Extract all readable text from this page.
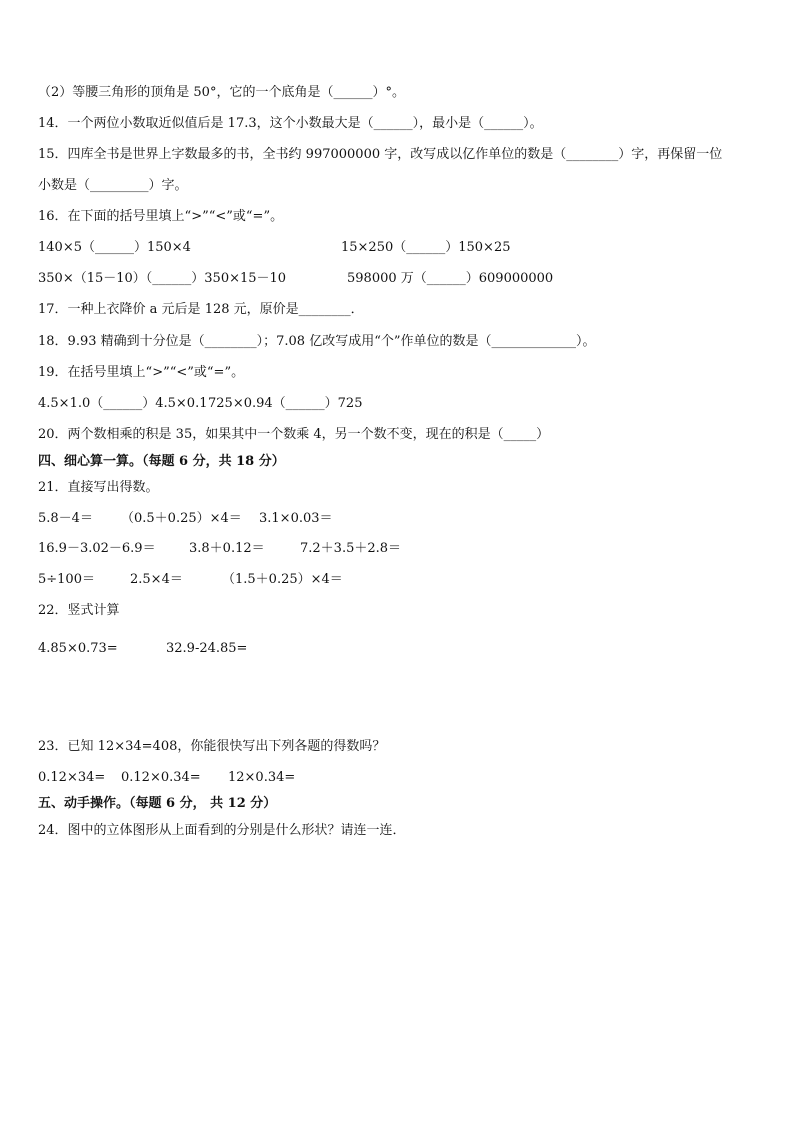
（2）等腰三角形的顶角是 50°，它的一个底角是（______）°。
14．一个两位小数取近似值后是 17.3，这个小数最大是（______），最小是（______）。
15．四库全书是世界上字数最多的书，全书约 997000000 字，改写成以亿作单位的数是（________）字，再保留一位
小数是（_________）字。
16．在下面的括号里填上“>”“<”或“=”。
140×5（______）150×4	15×250（______）150×25
350×（15－10）（______）350×15－10	598000 万（______）609000000
17．一种上衣降价 a 元后是 128 元，原价是________．
18．9.93 精确到十分位是（________）；7.08 亿改写成用“个”作单位的数是（_____________）。
19．在括号里填上“>”“<”或“=”。
4.5×1.0（______）4.5×0.1 725×0.94（______）725
20．两个数相乘的积是 35，如果其中一个数乘 4，另一个数不变，现在的积是（_____）
四、细心算一算。（每题 6 分，共 18 分）
21．直接写出得数。
5.8－4＝ （0.5＋0.25）×4＝ 3.1×0.03＝
16.9－3.02－6.9＝	3.8＋0.12＝	7.2＋3.5＋2.8＝
5÷100＝	2.5×4＝	（1.5＋0.25）×4＝
22．竖式计算
4.85×0.73=	32.9-24.85=
23．已知 12×34=408，你能很快写出下列各题的得数吗？
0.12×34= 0.12×0.34= 12×0.34=
五、动手操作。（每题 6 分， 共 12 分）
24．图中的立体图形从上面看到的分别是什么形状？请连一连．
